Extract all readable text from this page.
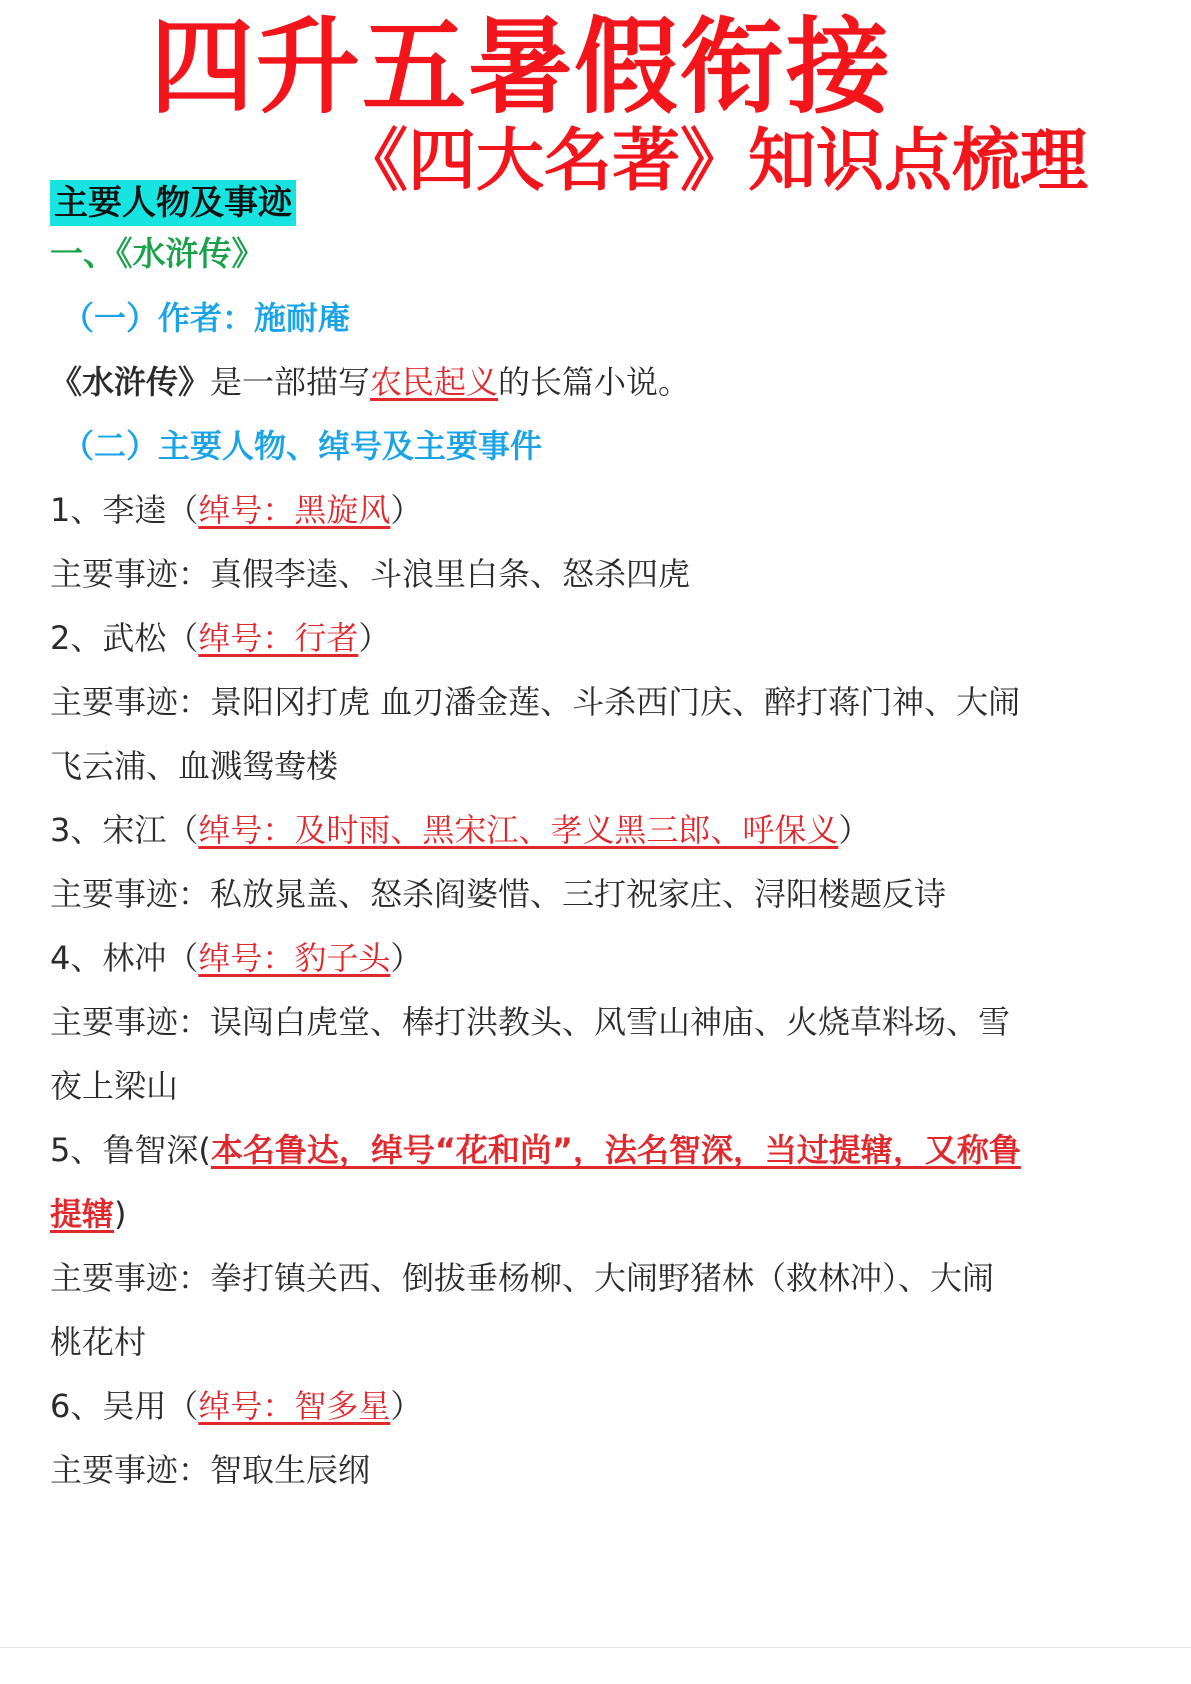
四升五暑假衔接
《四大名著》知识点梳理
主要人物及事迹
一、《水浒传》
（一）作者：施耐庵
《水浒传》是一部描写农民起义的长篇小说。
（二）主要人物、绰号及主要事件
1、李逵（绰号：黑旋风）
主要事迹：真假李逵、斗浪里白条、怒杀四虎
2、武松（绰号：行者）
主要事迹：景阳冈打虎 血刃潘金莲、斗杀西门庆、醉打蒋门神、大闹
飞云浦、血溅鸳鸯楼
3、宋江（绰号：及时雨、黑宋江、孝义黑三郎、呼保义）
主要事迹：私放晁盖、怒杀阎婆惜、三打祝家庄、浔阳楼题反诗
4、林冲（绰号：豹子头）
主要事迹：误闯白虎堂、棒打洪教头、风雪山神庙、火烧草料场、雪
夜上梁山
5、鲁智深(本名鲁达，绰号“花和尚”，法名智深，当过提辖，又称鲁
提辖)
主要事迹：拳打镇关西、倒拔垂杨柳、大闹野猪林（救林冲）、大闹
桃花村
6、吴用（绰号：智多星）
主要事迹：智取生辰纲
